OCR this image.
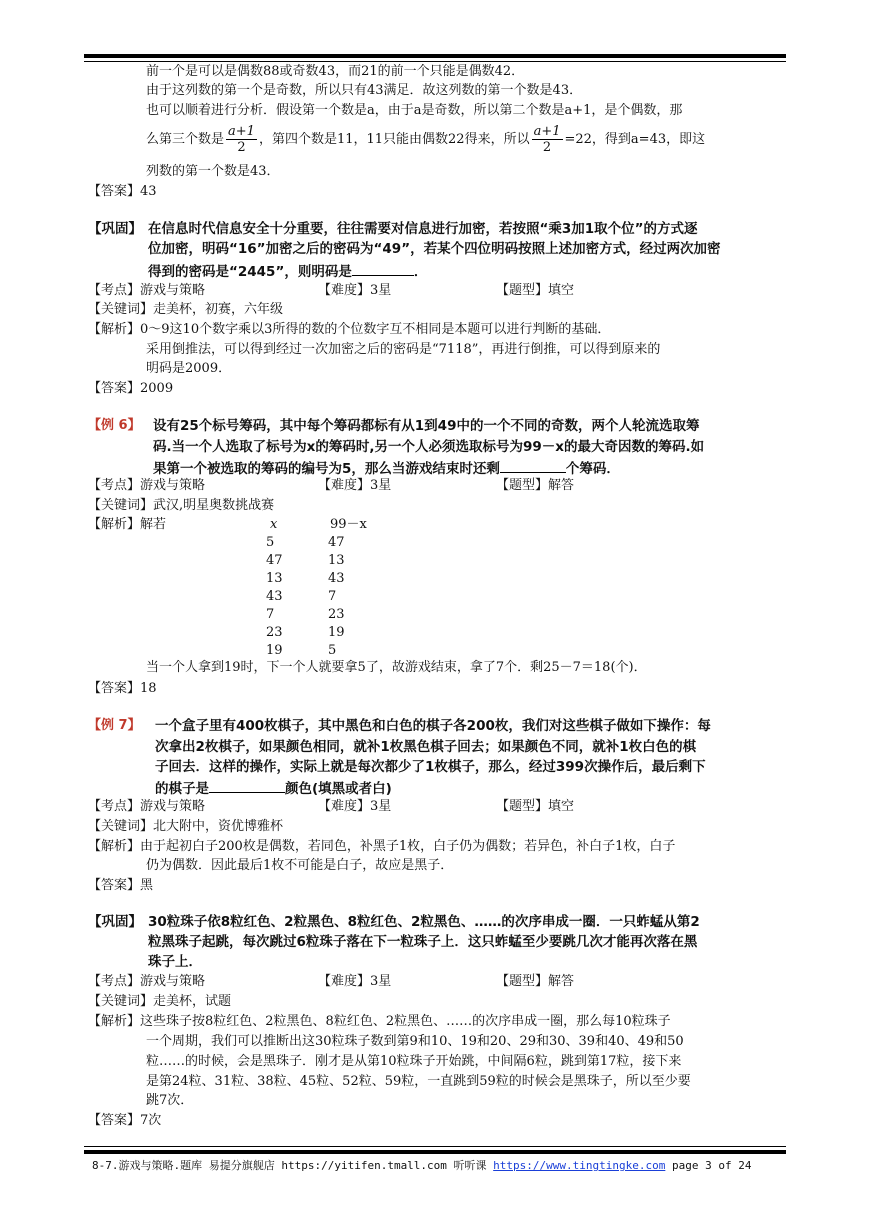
前一个是可以是偶数88或奇数43，而21的前一个只能是偶数42．
由于这列数的第一个是奇数，所以只有43满足．故这列数的第一个数是43．
也可以顺着进行分析．假设第一个数是a，由于a是奇数，所以第二个数是a+1，是个偶数，那
么第三个数是 $\frac{a+1}{2}$ ，第四个数是11，11只能由偶数22得来，所以 $\frac{a+1}{2} =22$，得到a=43，即这
列数的第一个数是43．
【答案】43
【巩固】 在信息时代信息安全十分重要，往往需要对信息进行加密，若按照“乘3加1取个位”的方式逐
位加密，明码“16”加密之后的密码为“49”，若某个四位明码按照上述加密方式，经过两次加密
得到的密码是“2445”，则明码是	．
【考点】游戏与策略	【难度】3星	【题型】填空
【关键词】走美杯，初赛，六年级
【解析】0～9这10个数字乘以3所得的数的个位数字互不相同是本题可以进行判断的基础．
采用倒推法，可以得到经过一次加密之后的密码是“7118”，再进行倒推，可以得到原来的
明码是2009．
【答案】2009
【例 6】 设有25个标号筹码，其中每个筹码都标有从1到49中的一个不同的奇数，两个人轮流选取筹
码.当一个人选取了标号为x的筹码时,另一个人必须选取标号为99－x的最大奇因数的筹码.如
果第一个被选取的筹码的编号为5，那么当游戏结束时还剩	个筹码．
【考点】游戏与策略	【难度】3星	【题型】解答
【关键词】武汉,明星奥数挑战赛
【解析】解若	x	99－x
5	47
47	13
13	43
43	7
7	23
23	19
19	5
当一个人拿到19时，下一个人就要拿5了，故游戏结束，拿了7个．剩25－7＝18(个)．
【答案】18
【例 7】 一个盒子里有400枚棋子，其中黑色和白色的棋子各200枚，我们对这些棋子做如下操作：每
次拿出2枚棋子，如果颜色相同，就补1枚黑色棋子回去；如果颜色不同，就补1枚白色的棋
子回去．这样的操作，实际上就是每次都少了1枚棋子，那么，经过399次操作后，最后剩下
的棋子是	颜色(填黑或者白)
【考点】游戏与策略	【难度】3星	【题型】填空
【关键词】北大附中，资优博雅杯
【解析】由于起初白子200枚是偶数，若同色，补黑子1枚，白子仍为偶数；若异色，补白子1枚，白子
仍为偶数．因此最后1枚不可能是白子，故应是黑子．
【答案】黑
【巩固】 30粒珠子依8粒红色、2粒黑色、8粒红色、2粒黑色、……的次序串成一圈．一只蚱蜢从第2
粒黑珠子起跳，每次跳过6粒珠子落在下一粒珠子上．这只蚱蜢至少要跳几次才能再次落在黑
珠子上．
【考点】游戏与策略	【难度】3星	【题型】解答
【关键词】走美杯，试题
【解析】这些珠子按8粒红色、2粒黑色、8粒红色、2粒黑色、……的次序串成一圈，那么每10粒珠子
一个周期，我们可以推断出这30粒珠子数到第9和10、19和20、29和30、39和40、49和50
粒……的时候，会是黑珠子．刚才是从第10粒珠子开始跳，中间隔6粒，跳到第17粒，接下来
是第24粒、31粒、38粒、45粒、52粒、59粒，一直跳到59粒的时候会是黑珠子，所以至少要
跳7次．
【答案】7次
8-7.游戏与策略.题库 易提分旗舰店 https://yitifen.tmall.com 听听课 https://www.tingtingke.com page 3 of 24
